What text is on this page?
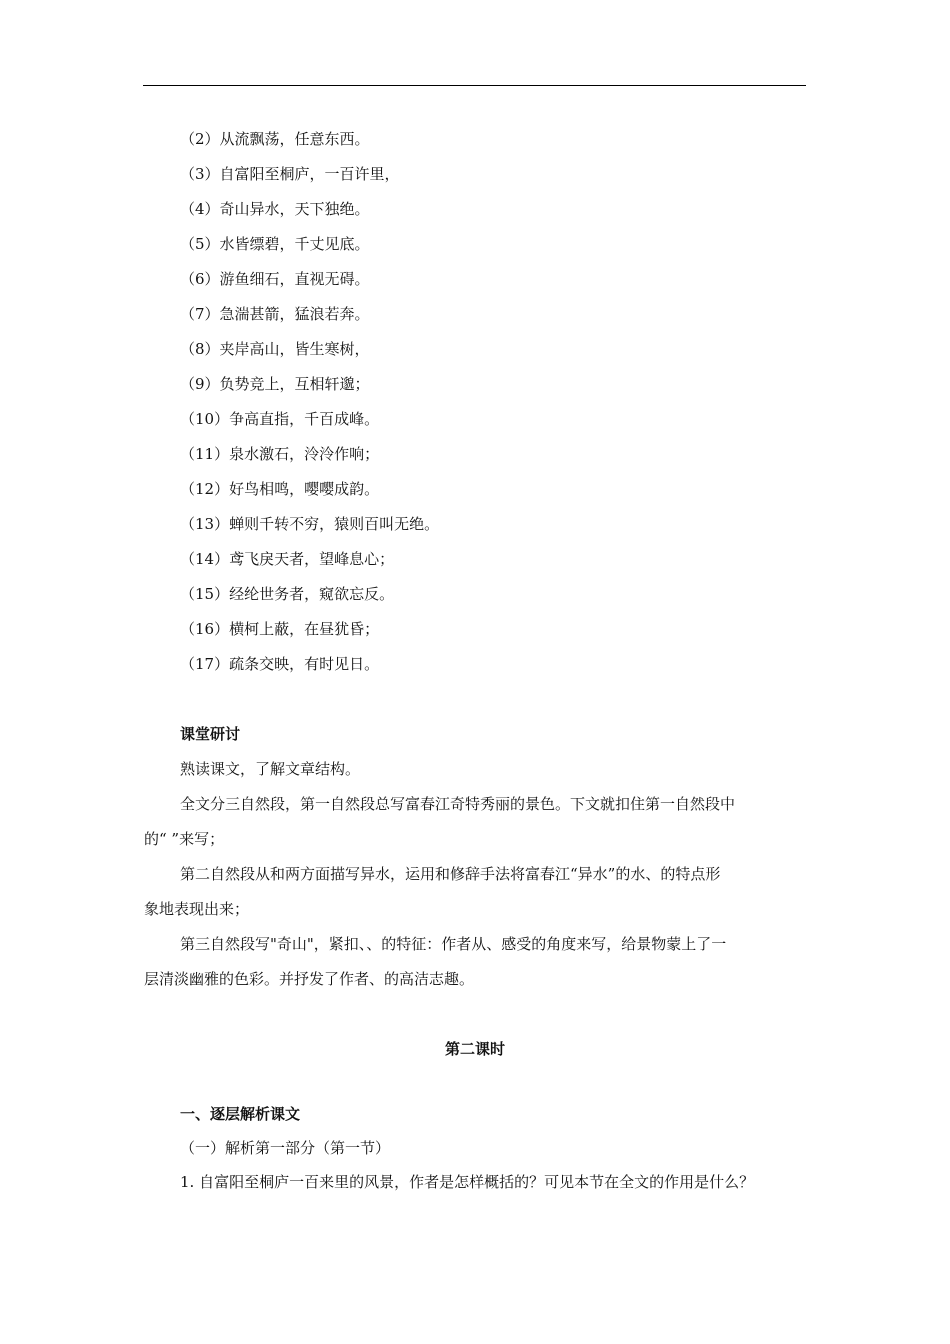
（2）从流飘荡，任意东西。
（3）自富阳至桐庐，一百许里，
（4）奇山异水，天下独绝。
（5）水皆缥碧，千丈见底。
（6）游鱼细石，直视无碍。
（7）急湍甚箭，猛浪若奔。
（8）夹岸高山，皆生寒树，
（9）负势竞上，互相轩邈；
（10）争高直指，千百成峰。
（11）泉水激石，泠泠作响；
（12）好鸟相鸣，嘤嘤成韵。
（13）蝉则千转不穷，猿则百叫无绝。
（14）鸢飞戾天者，望峰息心；
（15）经纶世务者，窥欲忘反。
（16）横柯上蔽，在昼犹昏；
（17）疏条交映，有时见日。
课堂研讨
熟读课文，了解文章结构。
全文分三自然段，第一自然段总写富春江奇特秀丽的景色。下文就扣住第一自然段中
的“ ”来写；
第二自然段从和两方面描写异水，运用和修辞手法将富春江“异水”的水、的特点形
象地表现出来；
第三自然段写"奇山"，紧扣、、的特征：作者从、感受的角度来写，给景物蒙上了一
层清淡幽雅的色彩。并抒发了作者、的高洁志趣。
第二课时
一、逐层解析课文
（一）解析第一部分（第一节）
1. 自富阳至桐庐一百来里的风景，作者是怎样概括的？可见本节在全文的作用是什么？
